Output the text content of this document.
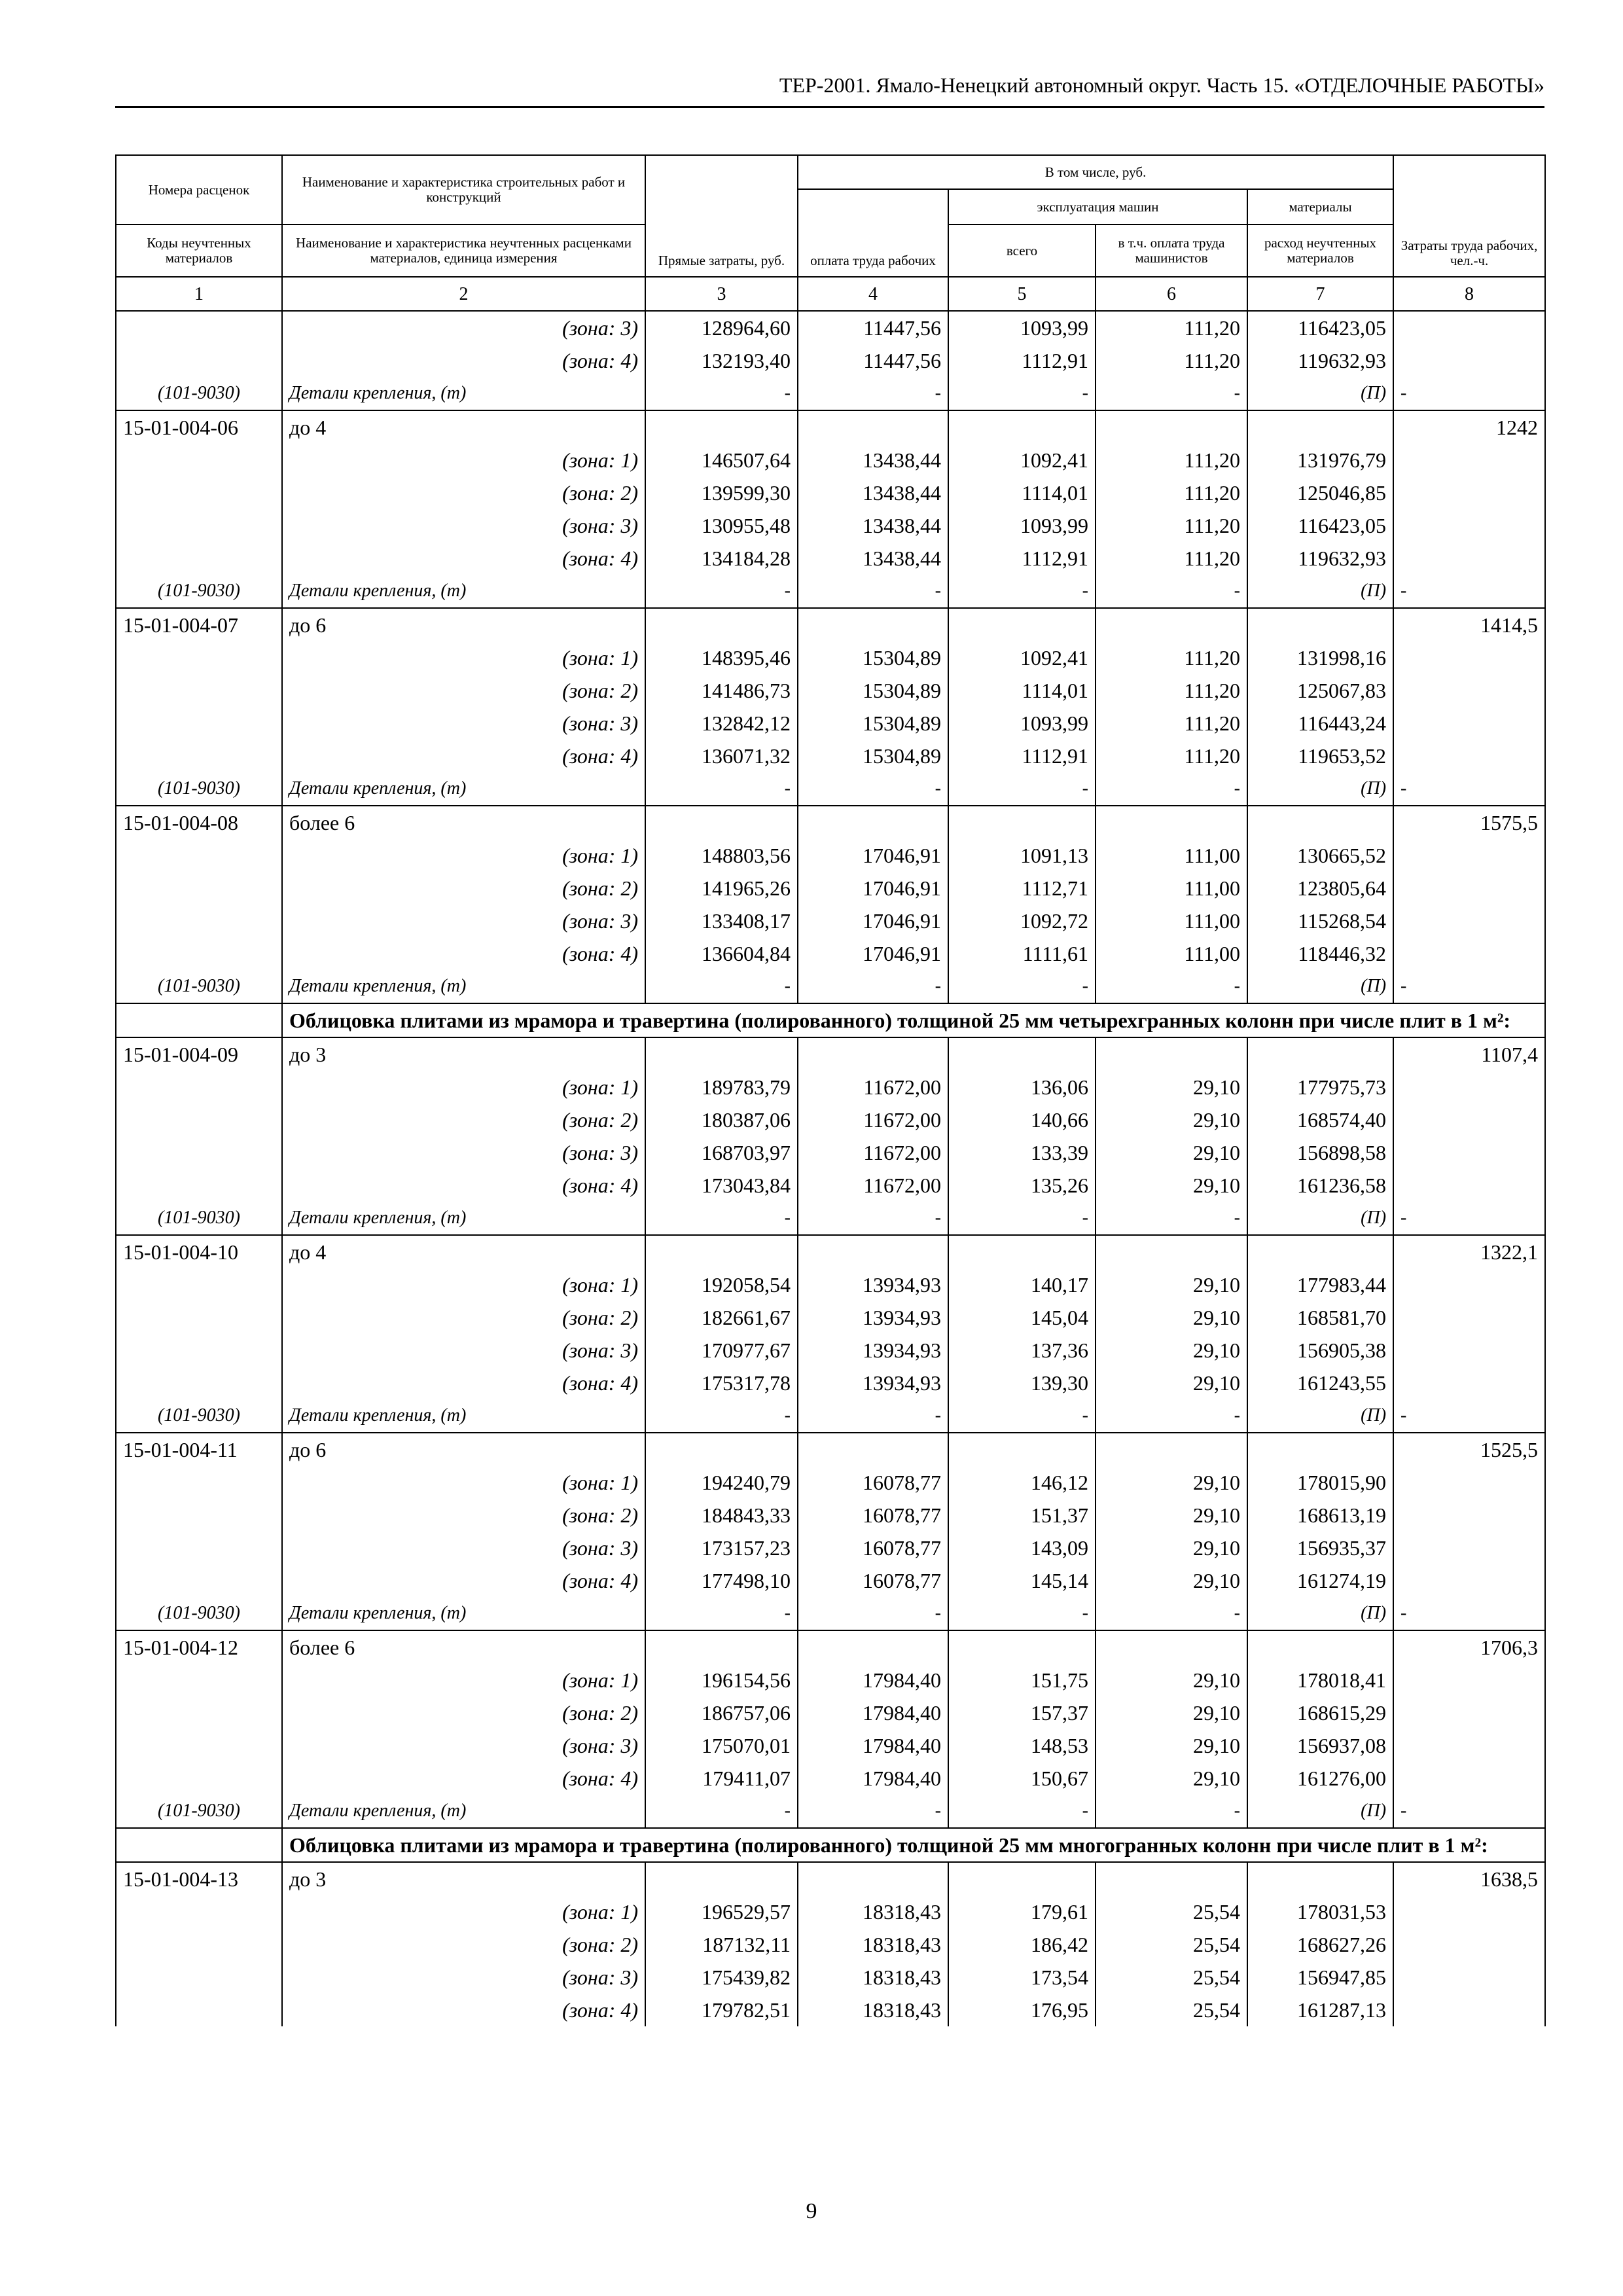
ТЕР-2001. Ямало-Ненецкий автономный округ. Часть 15. «ОТДЕЛОЧНЫЕ РАБОТЫ»
Номера расценок	Наименование и характеристика строительных работ и конструкций	Прямые затраты, руб.	В том числе, руб.				Затраты труда рабочих, чел.-ч.
			оплата труда рабочих	эксплуатация машин		материалы	
Коды неучтенных материалов	Наименование и характеристика неучтенных расценками материалов, единица измерения			всего	в т.ч. оплата труда машинистов	расход неучтенных материалов	
1	2	3	4	5	6	7	8
	(зона: 3)	128964,60	11447,56	1093,99	111,20	116423,05	
	(зона: 4)	132193,40	11447,56	1112,91	111,20	119632,93	
(101-9030)	Детали крепления, (т)	-	-	-	-	(П)	-
15-01-004-06	до 4						1242
	(зона: 1)	146507,64	13438,44	1092,41	111,20	131976,79	
	(зона: 2)	139599,30	13438,44	1114,01	111,20	125046,85	
	(зона: 3)	130955,48	13438,44	1093,99	111,20	116423,05	
	(зона: 4)	134184,28	13438,44	1112,91	111,20	119632,93	
(101-9030)	Детали крепления, (т)	-	-	-	-	(П)	-
15-01-004-07	до 6						1414,5
	(зона: 1)	148395,46	15304,89	1092,41	111,20	131998,16	
	(зона: 2)	141486,73	15304,89	1114,01	111,20	125067,83	
	(зона: 3)	132842,12	15304,89	1093,99	111,20	116443,24	
	(зона: 4)	136071,32	15304,89	1112,91	111,20	119653,52	
(101-9030)	Детали крепления, (т)	-	-	-	-	(П)	-
15-01-004-08	более 6						1575,5
	(зона: 1)	148803,56	17046,91	1091,13	111,00	130665,52	
	(зона: 2)	141965,26	17046,91	1112,71	111,00	123805,64	
	(зона: 3)	133408,17	17046,91	1092,72	111,00	115268,54	
	(зона: 4)	136604,84	17046,91	1111,61	111,00	118446,32	
(101-9030)	Детали крепления, (т)	-	-	-	-	(П)	-
	Облицовка плитами из мрамора и травертина (полированного) толщиной 25 мм четырехгранных колонн при числе плит в 1 м²:						
15-01-004-09	до 3						1107,4
	(зона: 1)	189783,79	11672,00	136,06	29,10	177975,73	
	(зона: 2)	180387,06	11672,00	140,66	29,10	168574,40	
	(зона: 3)	168703,97	11672,00	133,39	29,10	156898,58	
	(зона: 4)	173043,84	11672,00	135,26	29,10	161236,58	
(101-9030)	Детали крепления, (т)	-	-	-	-	(П)	-
15-01-004-10	до 4						1322,1
	(зона: 1)	192058,54	13934,93	140,17	29,10	177983,44	
	(зона: 2)	182661,67	13934,93	145,04	29,10	168581,70	
	(зона: 3)	170977,67	13934,93	137,36	29,10	156905,38	
	(зона: 4)	175317,78	13934,93	139,30	29,10	161243,55	
(101-9030)	Детали крепления, (т)	-	-	-	-	(П)	-
15-01-004-11	до 6						1525,5
	(зона: 1)	194240,79	16078,77	146,12	29,10	178015,90	
	(зона: 2)	184843,33	16078,77	151,37	29,10	168613,19	
	(зона: 3)	173157,23	16078,77	143,09	29,10	156935,37	
	(зона: 4)	177498,10	16078,77	145,14	29,10	161274,19	
(101-9030)	Детали крепления, (т)	-	-	-	-	(П)	-
15-01-004-12	более 6						1706,3
	(зона: 1)	196154,56	17984,40	151,75	29,10	178018,41	
	(зона: 2)	186757,06	17984,40	157,37	29,10	168615,29	
	(зона: 3)	175070,01	17984,40	148,53	29,10	156937,08	
	(зона: 4)	179411,07	17984,40	150,67	29,10	161276,00	
(101-9030)	Детали крепления, (т)	-	-	-	-	(П)	-
	Облицовка плитами из мрамора и травертина (полированного) толщиной 25 мм многогранных колонн при числе плит в 1 м²:						
15-01-004-13	до 3						1638,5
	(зона: 1)	196529,57	18318,43	179,61	25,54	178031,53	
	(зона: 2)	187132,11	18318,43	186,42	25,54	168627,26	
	(зона: 3)	175439,82	18318,43	173,54	25,54	156947,85	
	(зона: 4)	179782,51	18318,43	176,95	25,54	161287,13	
9
